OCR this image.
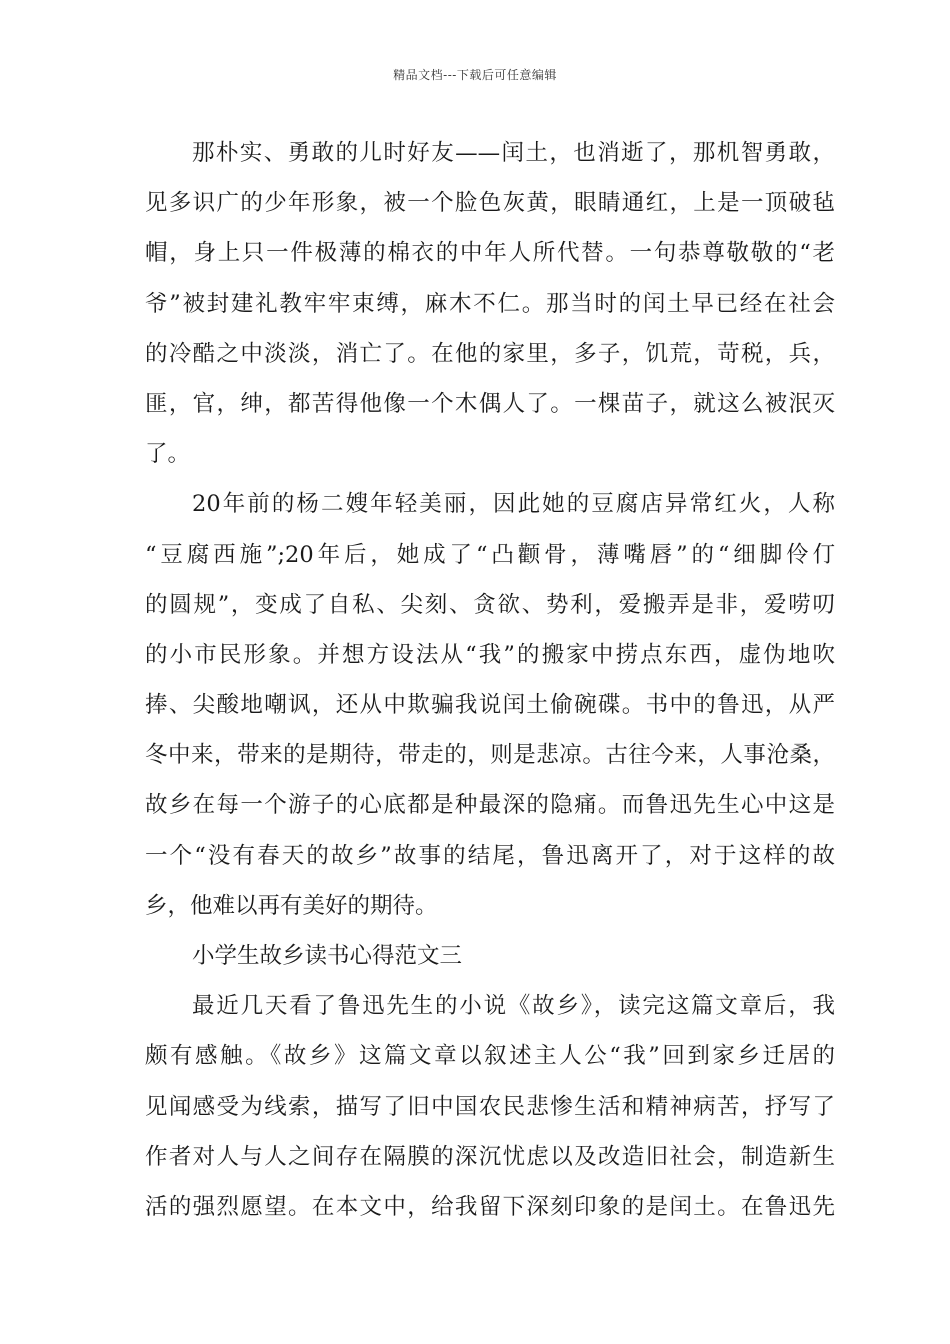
精品文档---下载后可任意编辑
那朴实、勇敢的儿时好友——闰土，也消逝了，那机智勇敢，
见多识广的少年形象，被一个脸色灰黄，眼睛通红，上是一顶破毡
帽，身上只一件极薄的棉衣的中年人所代替。一句恭尊敬敬的“老
爷”被封建礼教牢牢束缚，麻木不仁。那当时的闰土早已经在社会
的冷酷之中淡淡，消亡了。在他的家里，多子，饥荒，苛税，兵，
匪，官，绅，都苦得他像一个木偶人了。一棵苗子，就这么被泯灭
了。
20年前的杨二嫂年轻美丽，因此她的豆腐店异常红火，人称
“豆腐西施”;20年后，她成了“凸颧骨，薄嘴唇”的“细脚伶仃
的圆规”，变成了自私、尖刻、贪欲、势利，爱搬弄是非，爱唠叨
的小市民形象。并想方设法从“我”的搬家中捞点东西，虚伪地吹
捧、尖酸地嘲讽，还从中欺骗我说闰土偷碗碟。书中的鲁迅，从严
冬中来，带来的是期待，带走的，则是悲凉。古往今来，人事沧桑，
故乡在每一个游子的心底都是种最深的隐痛。而鲁迅先生心中这是
一个“没有春天的故乡”故事的结尾，鲁迅离开了，对于这样的故
乡，他难以再有美好的期待。
小学生故乡读书心得范文三
最近几天看了鲁迅先生的小说《故乡》，读完这篇文章后，我
颇有感触。《故乡》这篇文章以叙述主人公“我”回到家乡迁居的
见闻感受为线索，描写了旧中国农民悲惨生活和精神病苦，抒写了
作者对人与人之间存在隔膜的深沉忧虑以及改造旧社会，制造新生
活的强烈愿望。在本文中，给我留下深刻印象的是闰土。在鲁迅先
